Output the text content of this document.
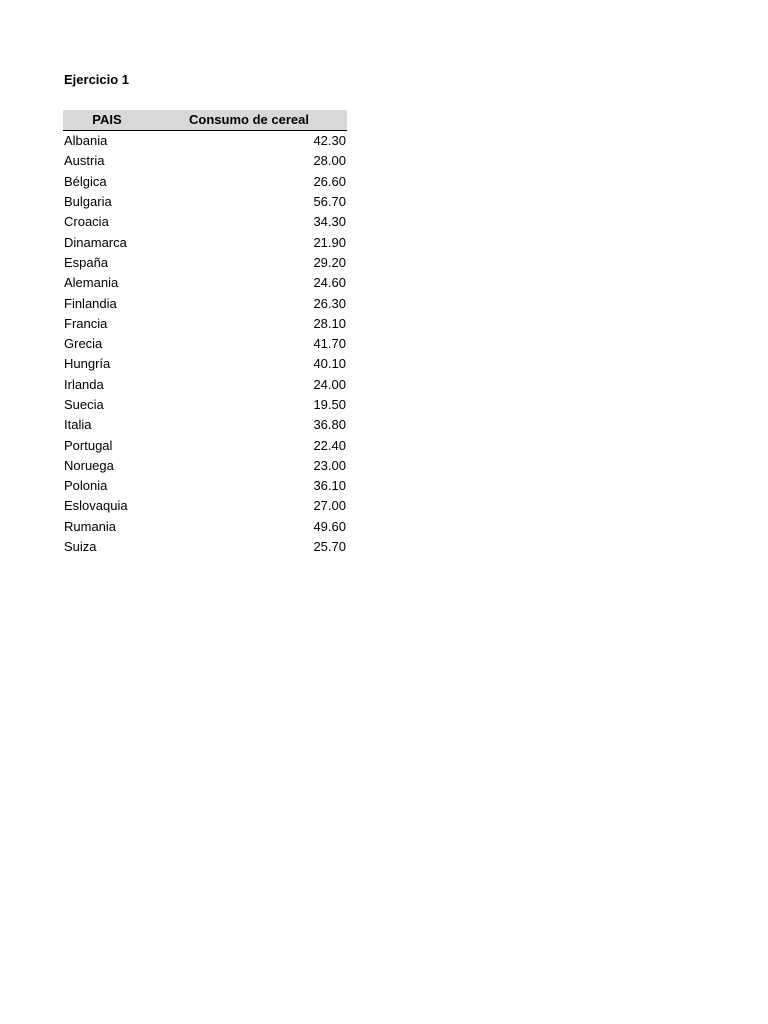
Ejercicio 1
PAIS	Consumo de cereal
Albania	42.30
Austria	28.00
Bélgica	26.60
Bulgaria	56.70
Croacia	34.30
Dinamarca	21.90
España	29.20
Alemania	24.60
Finlandia	26.30
Francia	28.10
Grecia	41.70
Hungría	40.10
Irlanda	24.00
Suecia	19.50
Italia	36.80
Portugal	22.40
Noruega	23.00
Polonia	36.10
Eslovaquia	27.00
Rumania	49.60
Suiza	25.70
